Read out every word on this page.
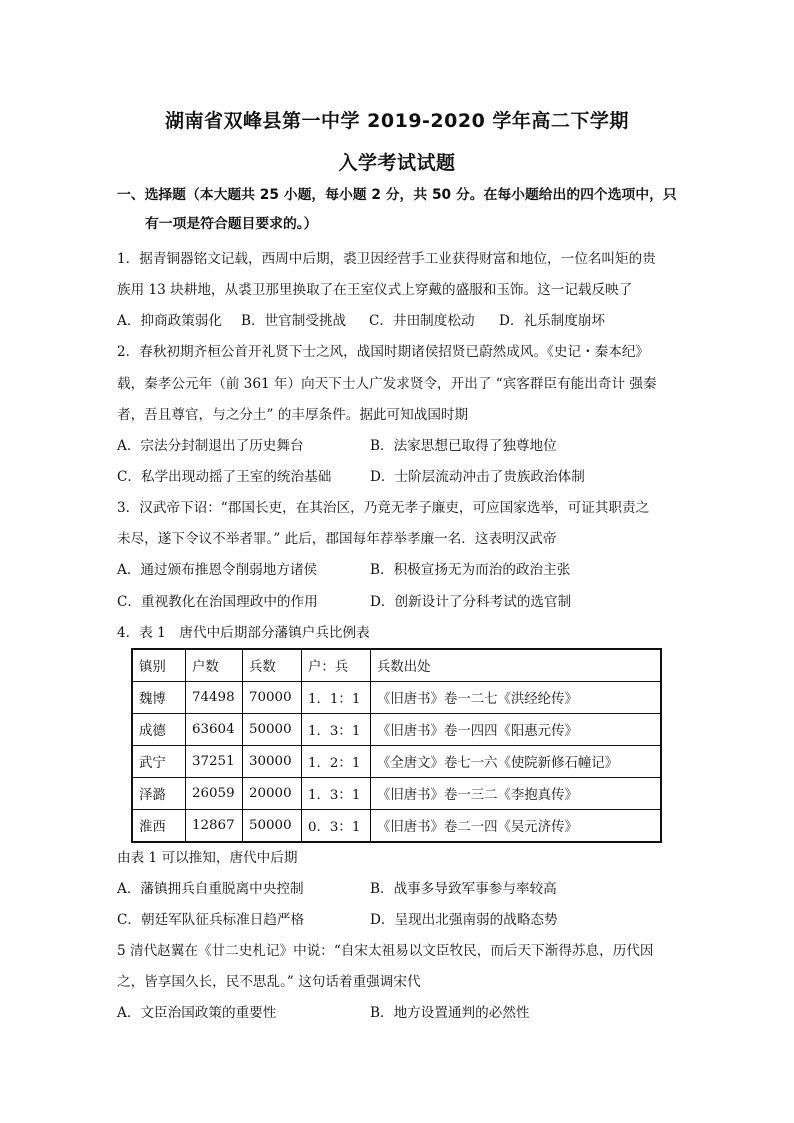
湖南省双峰县第一中学 2019-2020 学年高二下学期
入学考试试题
一、选择题（本大题共 25 小题，每小题 2 分，共 50 分。在每小题给出的四个选项中，只
有一项是符合题目要求的。）
1．据青铜器铭文记载，西周中后期，裘卫因经营手工业获得财富和地位，一位名叫矩的贵
族用 13 块耕地，从裘卫那里换取了在王室仪式上穿戴的盛服和玉饰。这一记载反映了
A．抑商政策弱化 B．世官制受挑战 C．井田制度松动 D．礼乐制度崩坏
2．春秋初期齐桓公首开礼贤下士之风，战国时期诸侯招贤已蔚然成风。《史记・秦本纪》
载，秦孝公元年（前 361 年）向天下士人广发求贤令，开出了 “宾客群臣有能出奇计 强秦
者，吾且尊官，与之分土” 的丰厚条件。据此可知战国时期
A．宗法分封制退出了历史舞台	B．法家思想已取得了独尊地位
C．私学出现动摇了王室的统治基础	D．士阶层流动冲击了贵族政治体制
3．汉武帝下诏：“郡国长吏，在其治区，乃竟无孝子廉吏，可应国家选举，可证其职责之
未尽，遂下令议不举者罪。” 此后，郡国每年荐举孝廉一名．这表明汉武帝
A．通过颁布推恩令削弱地方诸侯	B．积极宣扬无为而治的政治主张
C．重视教化在治国理政中的作用	D．创新设计了分科考试的选官制
4．表 1　唐代中后期部分藩镇户兵比例表
镇别	户数	兵数	户：兵	兵数出处
魏博	74498	70000	1．1：1	《旧唐书》卷一二七《洪经纶传》
成德	63604	50000	1．3：1	《旧唐书》卷一四四《阳惠元传》
武宁	37251	30000	1．2：1	《全唐文》卷七一六《使院新修石幢记》
泽潞	26059	20000	1．3：1	《旧唐书》卷一三二《李抱真传》
淮西	12867	50000	0．3：1	《旧唐书》卷二一四《吴元济传》
由表 1 可以推知，唐代中后期
A．藩镇拥兵自重脱离中央控制	B．战事多导致军事参与率较高
C．朝廷军队征兵标准日趋严格	D．呈现出北强南弱的战略态势
5 清代赵翼在《廿二史札记》中说：“自宋太祖易以文臣牧民，而后天下渐得苏息，历代因
之，皆享国久长，民不思乱。” 这句话着重强调宋代
A．文臣治国政策的重要性	B．地方设置通判的必然性
